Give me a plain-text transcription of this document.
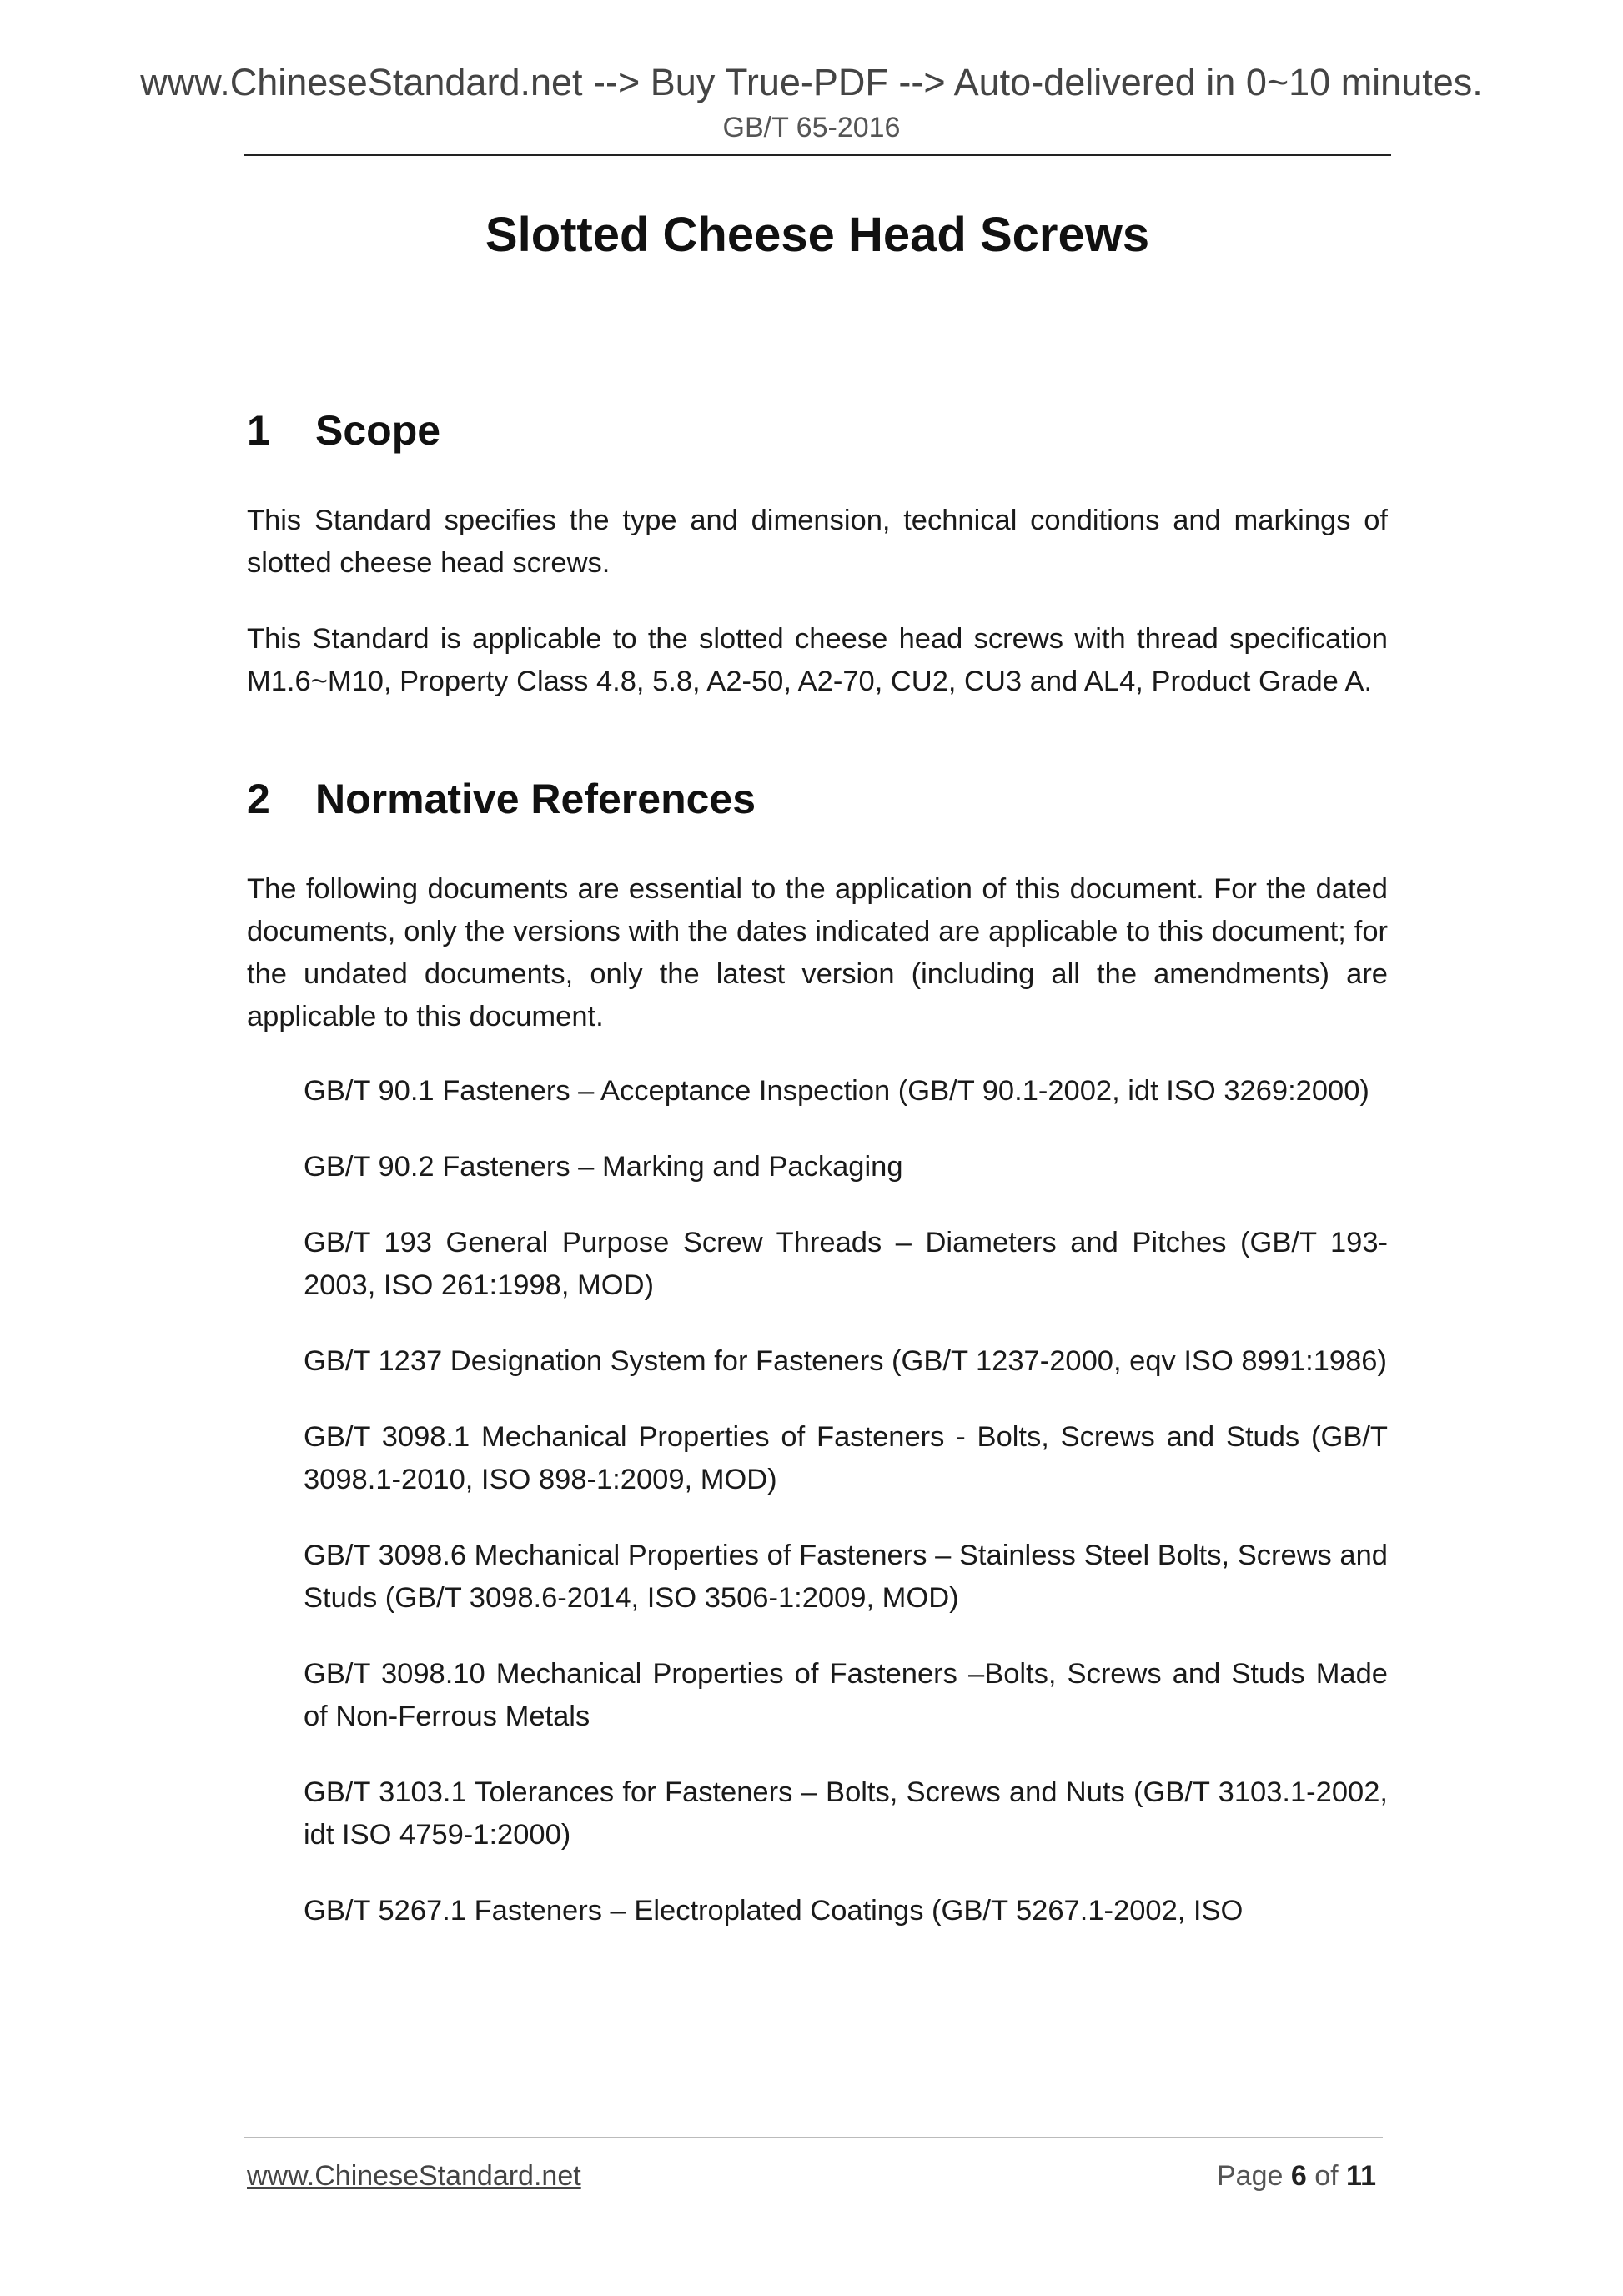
www.ChineseStandard.net --> Buy True-PDF --> Auto-delivered in 0~10 minutes.
GB/T 65-2016
Slotted Cheese Head Screws
1	Scope

This Standard specifies the type and dimension, technical conditions and markings of slotted cheese head screws.

This Standard is applicable to the slotted cheese head screws with thread specification M1.6~M10, Property Class 4.8, 5.8, A2-50, A2-70, CU2, CU3 and AL4, Product Grade A.

2	Normative References

The following documents are essential to the application of this document. For the dated documents, only the versions with the dates indicated are applicable to this document; for the undated documents, only the latest version (including all the amendments) are applicable to this document.

GB/T 90.1 Fasteners – Acceptance Inspection (GB/T 90.1-2002, idt ISO 3269:2000)
GB/T 90.2 Fasteners – Marking and Packaging
GB/T 193 General Purpose Screw Threads – Diameters and Pitches (GB/T 193-2003, ISO 261:1998, MOD)
GB/T 1237 Designation System for Fasteners (GB/T 1237-2000, eqv ISO 8991:1986)
GB/T 3098.1 Mechanical Properties of Fasteners - Bolts, Screws and Studs (GB/T 3098.1-2010, ISO 898-1:2009, MOD)
GB/T 3098.6 Mechanical Properties of Fasteners – Stainless Steel Bolts, Screws and Studs (GB/T 3098.6-2014, ISO 3506-1:2009, MOD)
GB/T 3098.10 Mechanical Properties of Fasteners –Bolts, Screws and Studs Made of Non-Ferrous Metals
GB/T 3103.1 Tolerances for Fasteners – Bolts, Screws and Nuts (GB/T 3103.1-2002, idt ISO 4759-1:2000)
GB/T 5267.1 Fasteners – Electroplated Coatings (GB/T 5267.1-2002, ISO
www.ChineseStandard.net	Page 6 of 11
